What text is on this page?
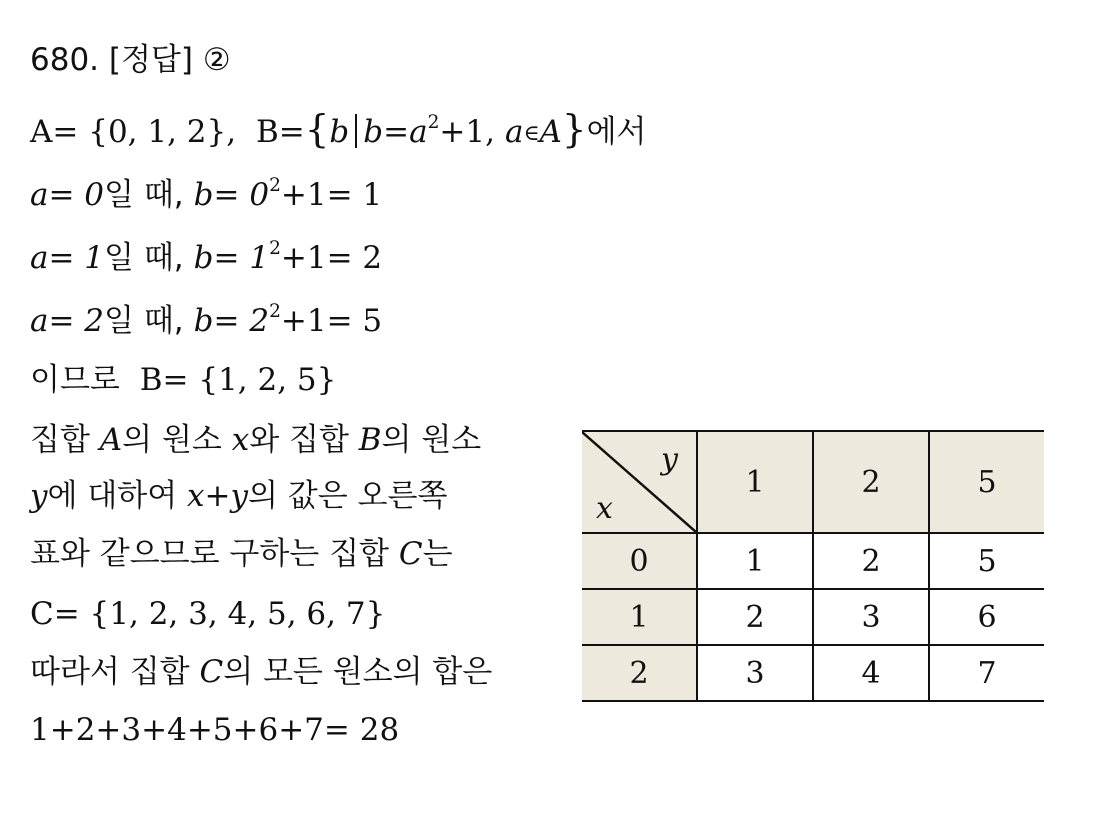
680. [정답] ②
A= {0, 1, 2}, B={b $b=a^2+1$, a∈A}에서
a= 0일 때, $b= 0^2+1= 1$
a= 1일 때, $b= 1^2+1= 2$
a= 2일 때, $b= 2^2+1= 5$
이므로 B= {1, 2, 5}
집합 A의 원소 x와 집합 B의 원소
y에 대하여 x+y의 값은 오른쪽
표와 같으므로 구하는 집합 C는
C= {1, 2, 3, 4, 5, 6, 7}
따라서 집합 C의 모든 원소의 합은
1+2+3+4+5+6+7= 28
y
x	1	2	5
0	1	2	5
1	2	3	6
2	3	4	7
